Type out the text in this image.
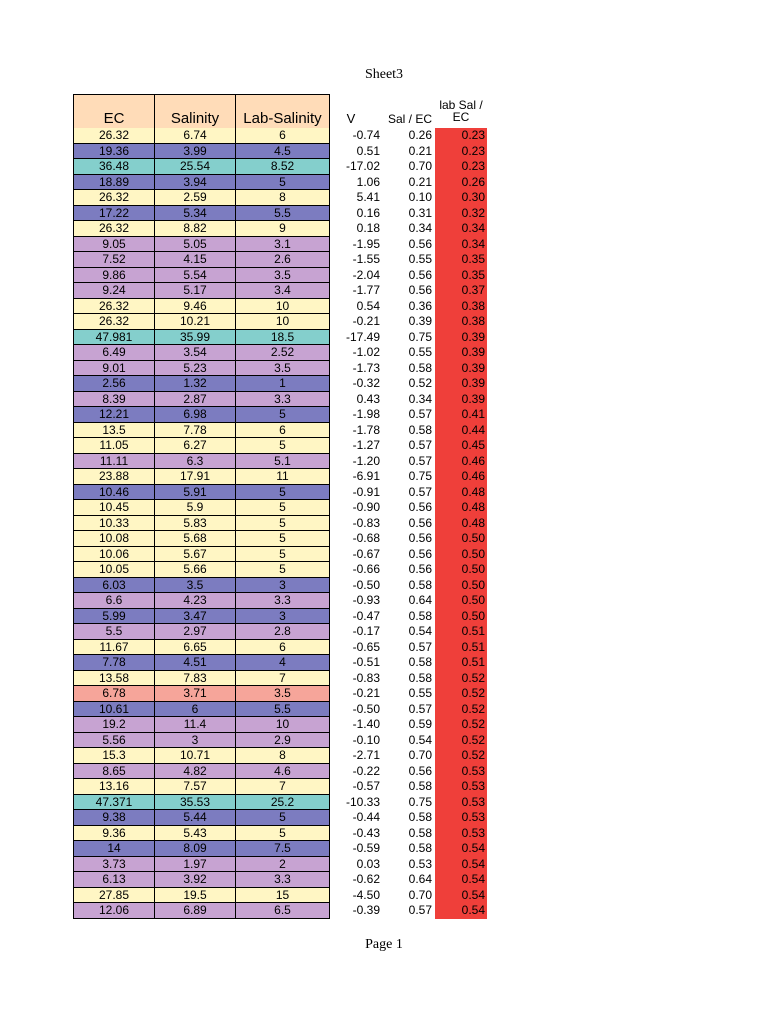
Sheet3
EC	Salinity	Lab-Salinity	V	Sal / EC
lab Sal /
EC
26.32	6.74	6	-0.74	0.26	0.23
19.36	3.99	4.5	0.51	0.21	0.23
36.48	25.54	8.52	-17.02	0.70	0.23
18.89	3.94	5	1.06	0.21	0.26
26.32	2.59	8	5.41	0.10	0.30
17.22	5.34	5.5	0.16	0.31	0.32
26.32	8.82	9	0.18	0.34	0.34
9.05	5.05	3.1	-1.95	0.56	0.34
7.52	4.15	2.6	-1.55	0.55	0.35
9.86	5.54	3.5	-2.04	0.56	0.35
9.24	5.17	3.4	-1.77	0.56	0.37
26.32	9.46	10	0.54	0.36	0.38
26.32	10.21	10	-0.21	0.39	0.38
47.981	35.99	18.5	-17.49	0.75	0.39
6.49	3.54	2.52	-1.02	0.55	0.39
9.01	5.23	3.5	-1.73	0.58	0.39
2.56	1.32	1	-0.32	0.52	0.39
8.39	2.87	3.3	0.43	0.34	0.39
12.21	6.98	5	-1.98	0.57	0.41
13.5	7.78	6	-1.78	0.58	0.44
11.05	6.27	5	-1.27	0.57	0.45
11.11	6.3	5.1	-1.20	0.57	0.46
23.88	17.91	11	-6.91	0.75	0.46
10.46	5.91	5	-0.91	0.57	0.48
10.45	5.9	5	-0.90	0.56	0.48
10.33	5.83	5	-0.83	0.56	0.48
10.08	5.68	5	-0.68	0.56	0.50
10.06	5.67	5	-0.67	0.56	0.50
10.05	5.66	5	-0.66	0.56	0.50
6.03	3.5	3	-0.50	0.58	0.50
6.6	4.23	3.3	-0.93	0.64	0.50
5.99	3.47	3	-0.47	0.58	0.50
5.5	2.97	2.8	-0.17	0.54	0.51
11.67	6.65	6	-0.65	0.57	0.51
7.78	4.51	4	-0.51	0.58	0.51
13.58	7.83	7	-0.83	0.58	0.52
6.78	3.71	3.5	-0.21	0.55	0.52
10.61	6	5.5	-0.50	0.57	0.52
19.2	11.4	10	-1.40	0.59	0.52
5.56	3	2.9	-0.10	0.54	0.52
15.3	10.71	8	-2.71	0.70	0.52
8.65	4.82	4.6	-0.22	0.56	0.53
13.16	7.57	7	-0.57	0.58	0.53
47.371	35.53	25.2	-10.33	0.75	0.53
9.38	5.44	5	-0.44	0.58	0.53
9.36	5.43	5	-0.43	0.58	0.53
14	8.09	7.5	-0.59	0.58	0.54
3.73	1.97	2	0.03	0.53	0.54
6.13	3.92	3.3	-0.62	0.64	0.54
27.85	19.5	15	-4.50	0.70	0.54
12.06	6.89	6.5	-0.39	0.57	0.54
Page 1
